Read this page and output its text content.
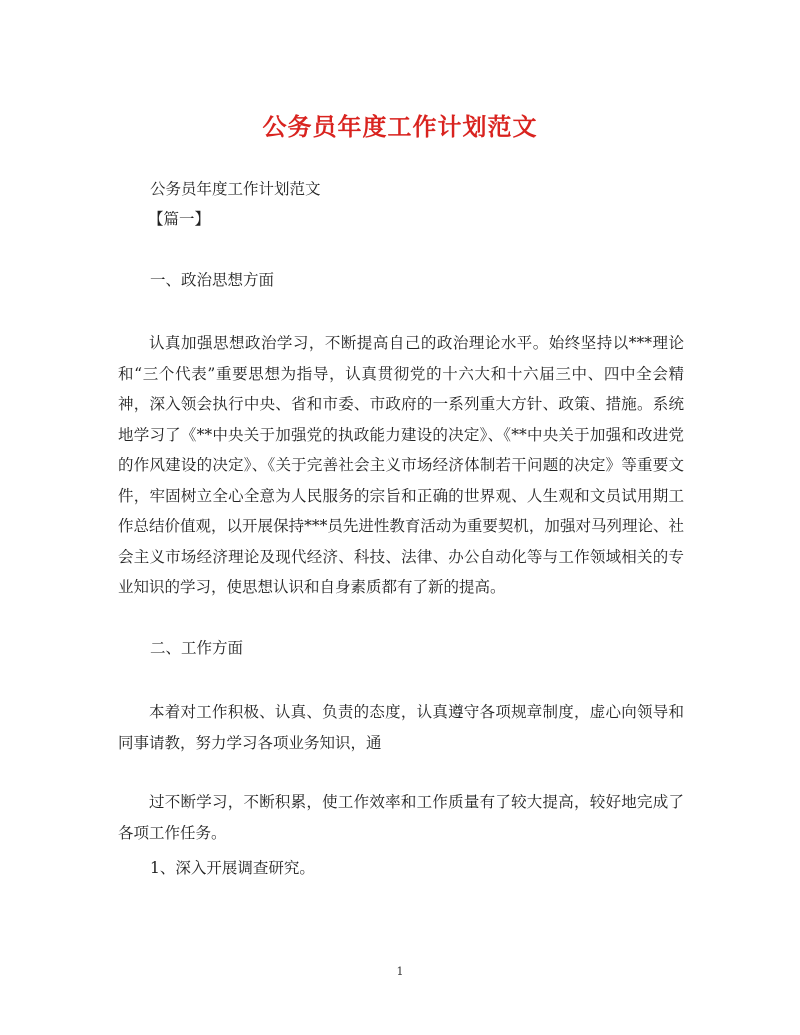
公务员年度工作计划范文
公务员年度工作计划范文
【篇一】
一、政治思想方面
认真加强思想政治学习，不断提高自己的政治理论水平。始终坚持以***理论和“三个代表”重要思想为指导，认真贯彻党的十六大和十六届三中、四中全会精神，深入领会执行中央、省和市委、市政府的一系列重大方针、政策、措施。系统地学习了《**中央关于加强党的执政能力建设的决定》、《**中央关于加强和改进党的作风建设的决定》、《关于完善社会主义市场经济体制若干问题的决定》等重要文件，牢固树立全心全意为人民服务的宗旨和正确的世界观、人生观和文员试用期工作总结价值观，以开展保持***员先进性教育活动为重要契机，加强对马列理论、社会主义市场经济理论及现代经济、科技、法律、办公自动化等与工作领域相关的专业知识的学习，使思想认识和自身素质都有了新的提高。
二、工作方面
本着对工作积极、认真、负责的态度，认真遵守各项规章制度，虚心向领导和同事请教，努力学习各项业务知识，通
过不断学习，不断积累，使工作效率和工作质量有了较大提高，较好地完成了各项工作任务。
1、深入开展调查研究。
1
